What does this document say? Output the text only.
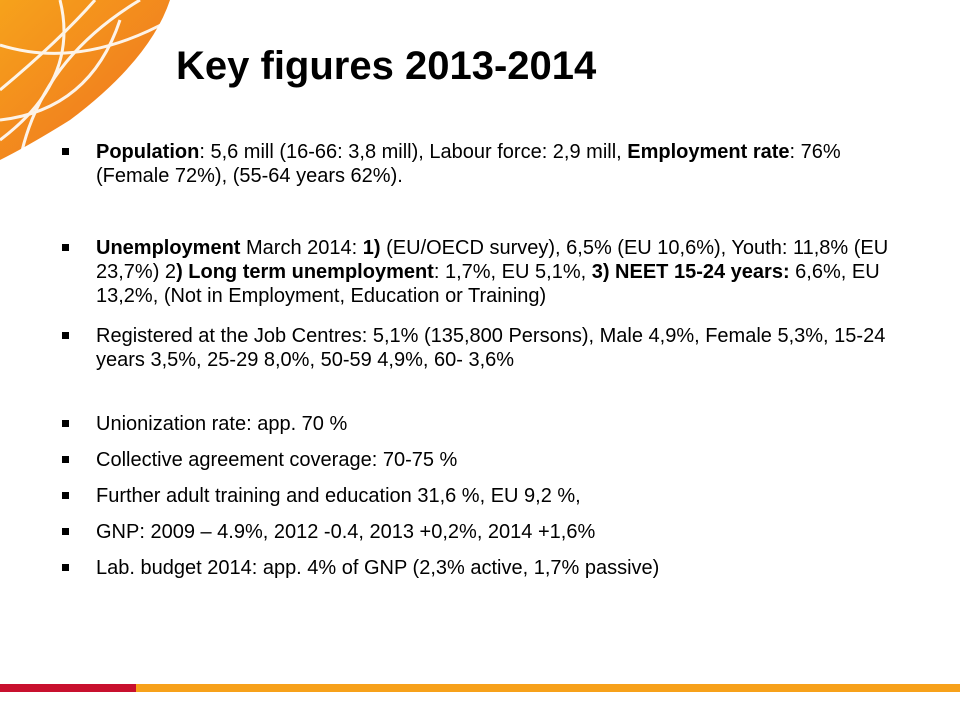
Key figures 2013-2014
Population: 5,6 mill (16-66: 3,8 mill), Labour force: 2,9 mill, Employment rate: 76% (Female 72%), (55-64 years 62%).
Unemployment March 2014: 1) (EU/OECD survey), 6,5% (EU 10,6%), Youth: 11,8% (EU 23,7%) 2) Long term unemployment: 1,7%, EU 5,1%, 3) NEET 15-24 years: 6,6%, EU 13,2%, (Not in Employment, Education or Training)
Registered at the Job Centres: 5,1% (135,800 Persons), Male 4,9%, Female 5,3%, 15-24 years 3,5%, 25-29 8,0%, 50-59 4,9%, 60- 3,6%
Unionization rate: app. 70 %
Collective agreement coverage: 70-75 %
Further adult training and education 31,6 %, EU 9,2 %,
GNP: 2009 – 4.9%, 2012 -0.4, 2013 +0,2%, 2014 +1,6%
Lab. budget 2014: app. 4% of GNP (2,3% active, 1,7% passive)
